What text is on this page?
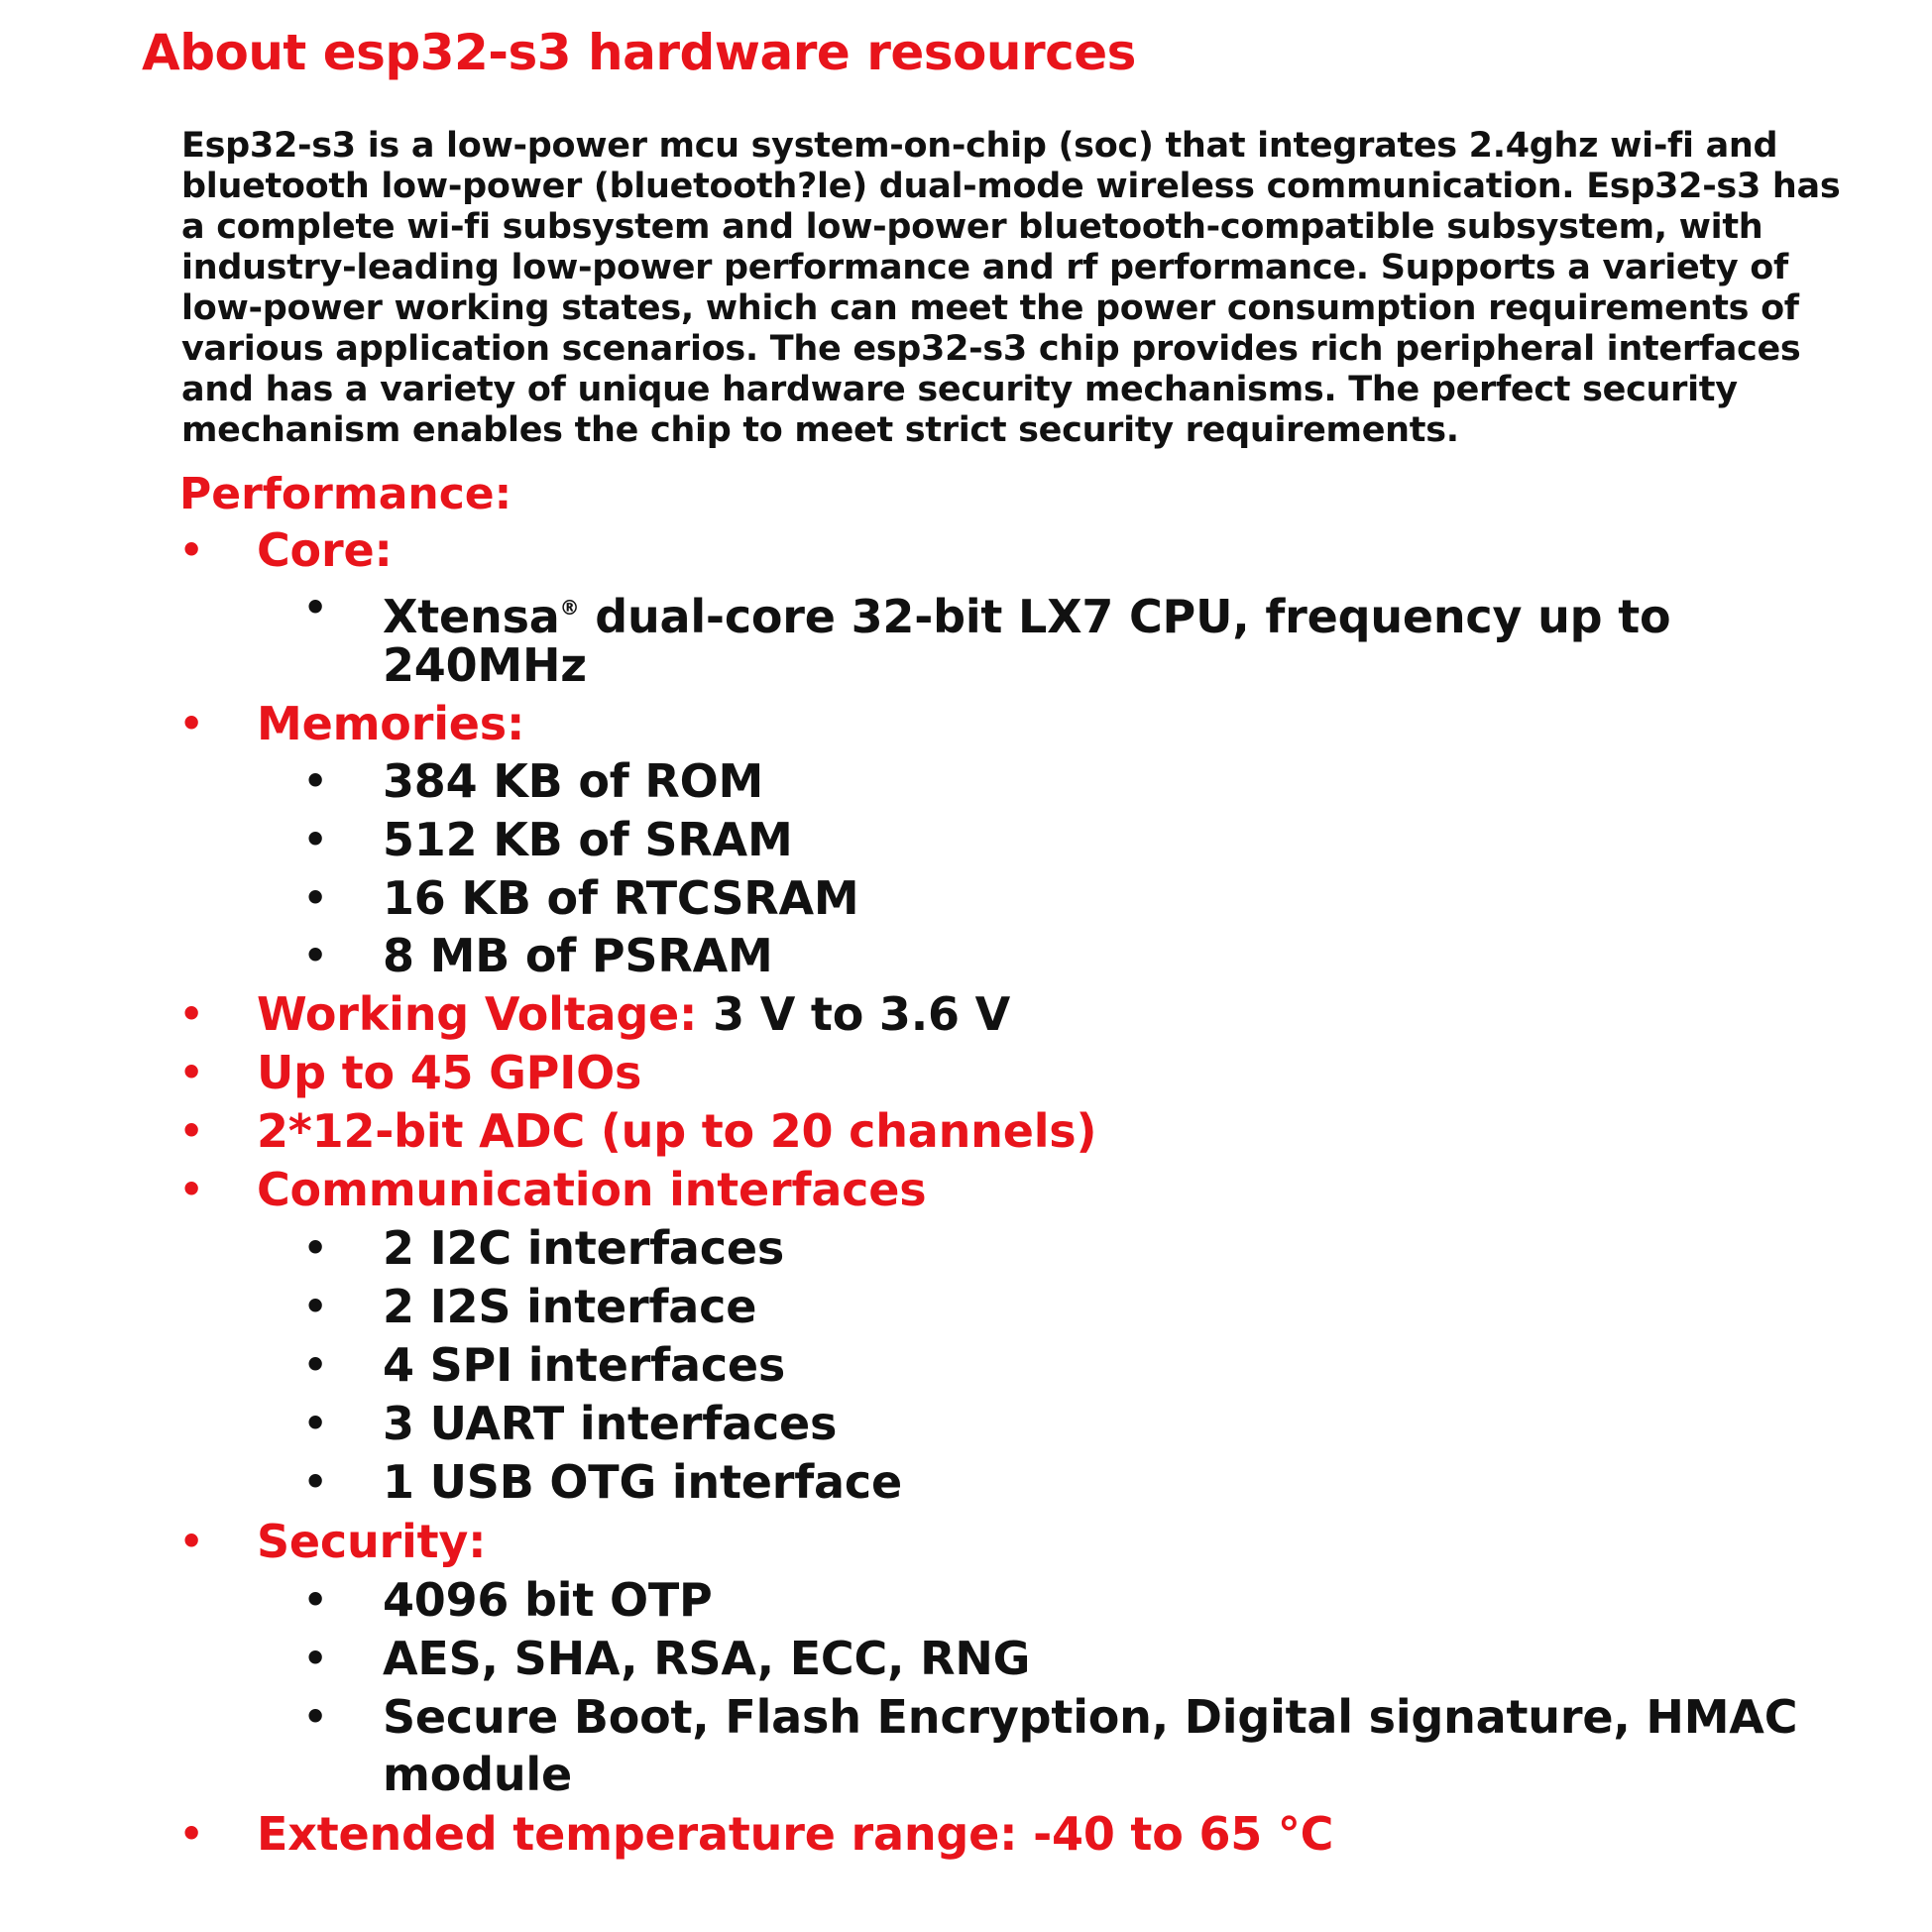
About esp32-s3 hardware resources

Esp32-s3 is a low-power mcu system-on-chip (soc) that integrates 2.4ghz wi-fi and
bluetooth low-power (bluetooth?le) dual-mode wireless communication. Esp32-s3 has
a complete wi-fi subsystem and low-power bluetooth-compatible subsystem, with
industry-leading low-power performance and rf performance. Supports a variety of
low-power working states, which can meet the power consumption requirements of
various application scenarios. The esp32-s3 chip provides rich peripheral interfaces
and has a variety of unique hardware security mechanisms. The perfect security
mechanism enables the chip to meet strict security requirements.

Performance:
• Core:
• Xtensa® dual-core 32-bit LX7 CPU, frequency up to
240MHz
• Memories:
• 384 KB of ROM
• 512 KB of SRAM
• 16 KB of RTCSRAM
• 8 MB of PSRAM
• Working Voltage: 3 V to 3.6 V
• Up to 45 GPIOs
• 2*12-bit ADC (up to 20 channels)
• Communication interfaces
• 2 I2C interfaces
• 2 I2S interface
• 4 SPI interfaces
• 3 UART interfaces
• 1 USB OTG interface
• Security:
• 4096 bit OTP
• AES, SHA, RSA, ECC, RNG
• Secure Boot, Flash Encryption, Digital signature, HMAC
module
• Extended temperature range: -40 to 65 °C
